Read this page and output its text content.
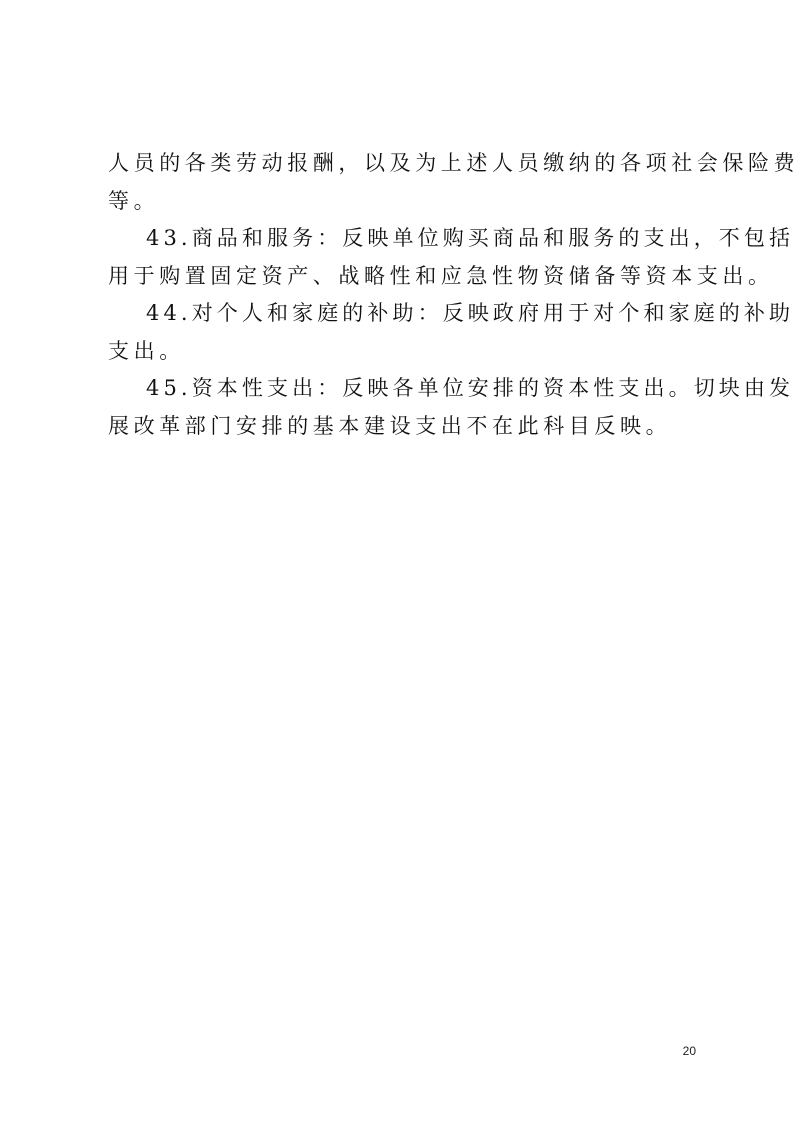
人员的各类劳动报酬，以及为上述人员缴纳的各项社会保险费
等。
43.商品和服务：反映单位购买商品和服务的支出，不包括
用于购置固定资产、战略性和应急性物资储备等资本支出。
44.对个人和家庭的补助：反映政府用于对个和家庭的补助
支出。
45.资本性支出：反映各单位安排的资本性支出。切块由发
展改革部门安排的基本建设支出不在此科目反映。
20
